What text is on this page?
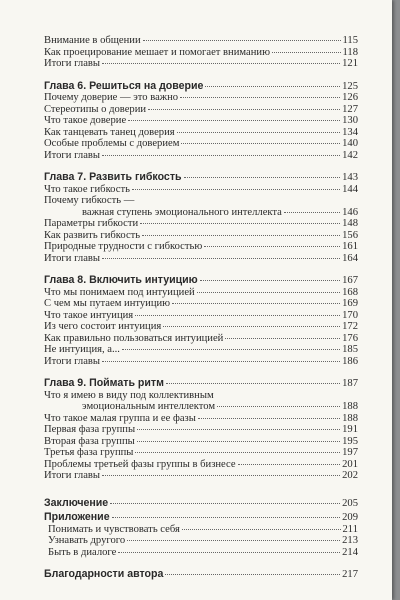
Внимание в общении	115
Как проецирование мешает и помогает вниманию	118
Итоги главы	121
Глава 6. Решиться на доверие	125
Почему доверие — это важно	126
Стереотипы о доверии	127
Что такое доверие	130
Как танцевать танец доверия	134
Особые проблемы с доверием	140
Итоги главы	142
Глава 7. Развить гибкость	143
Что такое гибкость	144
Почему гибкость —
важная ступень эмоционального интеллекта	146
Параметры гибкости	148
Как развить гибкость	156
Природные трудности с гибкостью	161
Итоги главы	164
Глава 8. Включить интуицию	167
Что мы понимаем под интуицией	168
С чем мы путаем интуицию	169
Что такое интуиция	170
Из чего состоит интуиция	172
Как правильно пользоваться интуицией	176
Не интуиция, а...	185
Итоги главы	186
Глава 9. Поймать ритм	187
Что я имею в виду под коллективным
эмоциональным интеллектом	188
Что такое малая группа и ее фазы	188
Первая фаза группы	191
Вторая фаза группы	195
Третья фаза группы	197
Проблемы третьей фазы группы в бизнесе	201
Итоги главы	202
Заключение	205
Приложение	209
Понимать и чувствовать себя	211
Узнавать другого	213
Быть в диалоге	214
Благодарности автора	217
